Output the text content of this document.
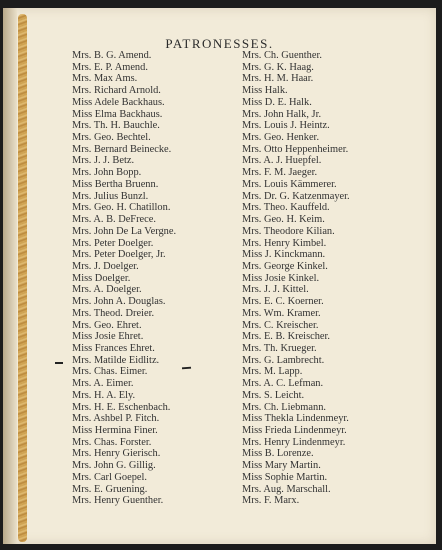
PATRONESSES.
Mrs. B. G. Amend.
Mrs. E. P. Amend.
Mrs. Max Ams.
Mrs. Richard Arnold.
Miss Adele Backhaus.
Miss Elma Backhaus.
Mrs. Th. H. Bauchle.
Mrs. Geo. Bechtel.
Mrs. Bernard Beinecke.
Mrs. J. J. Betz.
Mrs. John Bopp.
Miss Bertha Bruenn.
Mrs. Julius Bunzl.
Mrs. Geo. H. Chatillon.
Mrs. A. B. DeFrece.
Mrs. John De La Vergne.
Mrs. Peter Doelger.
Mrs. Peter Doelger, Jr.
Mrs. J. Doelger.
Miss Doelger.
Mrs. A. Doelger.
Mrs. John A. Douglas.
Mrs. Theod. Dreier.
Mrs. Geo. Ehret.
Miss Josie Ehret.
Miss Frances Ehret.
Mrs. Matilde Eidlitz.
Mrs. Chas. Eimer.
Mrs. A. Eimer.
Mrs. H. A. Ely.
Mrs. H. E. Eschenbach.
Mrs. Ashbel P. Fitch.
Miss Hermina Finer.
Mrs. Chas. Forster.
Mrs. Henry Gierisch.
Mrs. John G. Gillig.
Mrs. Carl Goepel.
Mrs. E. Gruening.
Mrs. Henry Guenther.
Mrs. Ch. Guenther.
Mrs. G. K. Haag.
Mrs. H. M. Haar.
Miss Halk.
Miss D. E. Halk.
Mrs. John Halk, Jr.
Mrs. Louis J. Heintz.
Mrs. Geo. Henker.
Mrs. Otto Heppenheimer.
Mrs. A. J. Huepfel.
Mrs. F. M. Jaeger.
Mrs. Louis Kämmerer.
Mrs. Dr. G. Katzenmayer.
Mrs. Theo. Kauffeld.
Mrs. Geo. H. Keim.
Mrs. Theodore Kilian.
Mrs. Henry Kimbel.
Miss J. Kinckmann.
Mrs. George Kinkel.
Miss Josie Kinkel.
Mrs. J. J. Kittel.
Mrs. E. C. Koerner.
Mrs. Wm. Kramer.
Mrs. C. Kreischer.
Mrs. E. B. Kreischer.
Mrs. Th. Krueger.
Mrs. G. Lambrecht.
Mrs. M. Lapp.
Mrs. A. C. Lefman.
Mrs. S. Leicht.
Mrs. Ch. Liebmann.
Miss Thekla Lindenmeyr.
Miss Frieda Lindenmeyr.
Mrs. Henry Lindenmeyr.
Miss B. Lorenze.
Miss Mary Martin.
Miss Sophie Martin.
Mrs. Aug. Marschall.
Mrs. F. Marx.
